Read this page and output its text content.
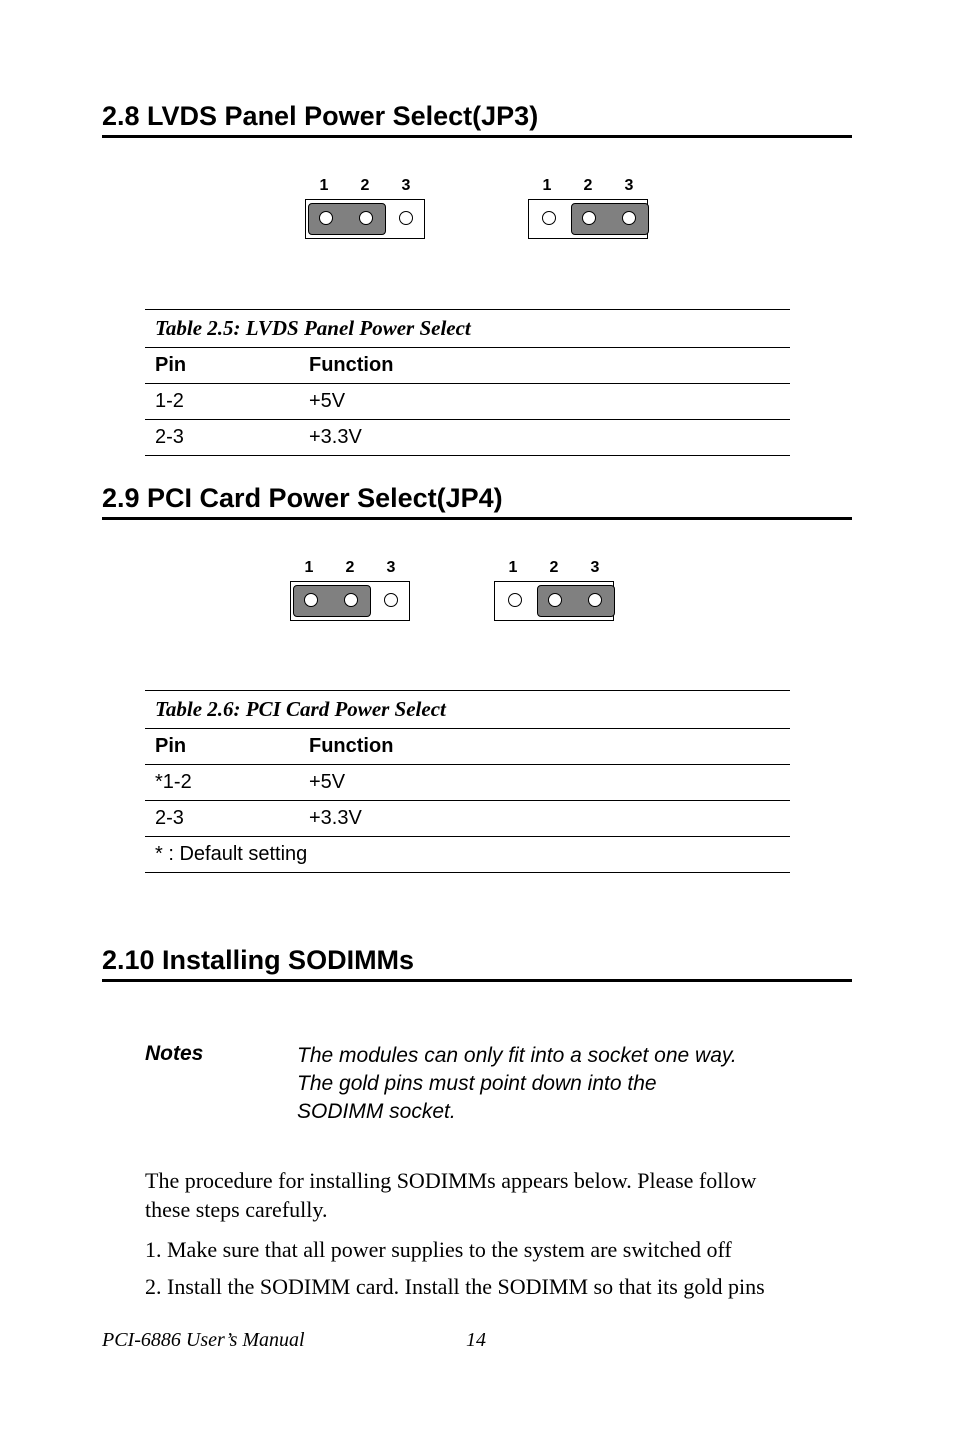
2.8 LVDS Panel Power Select(JP3)
1	2	3	1	2	3
Table 2.5: LVDS Panel Power Select	
Pin	Function
1-2	+5V
2-3	+3.3V
2.9 PCI Card Power Select(JP4)
1	2	3	1	2	3
Table 2.6: PCI Card Power Select	
Pin	Function
*1-2	+5V
2-3	+3.3V
* : Default setting	
2.10 Installing SODIMMs
Notes	The modules can only fit into a socket one way.
The gold pins must point down into the
SODIMM socket.
The procedure for installing SODIMMs appears below. Please follow
these steps carefully.
1. Make sure that all power supplies to the system are switched off
2. Install the SODIMM card. Install the SODIMM so that its gold pins
PCI-6886 User’s Manual	14
